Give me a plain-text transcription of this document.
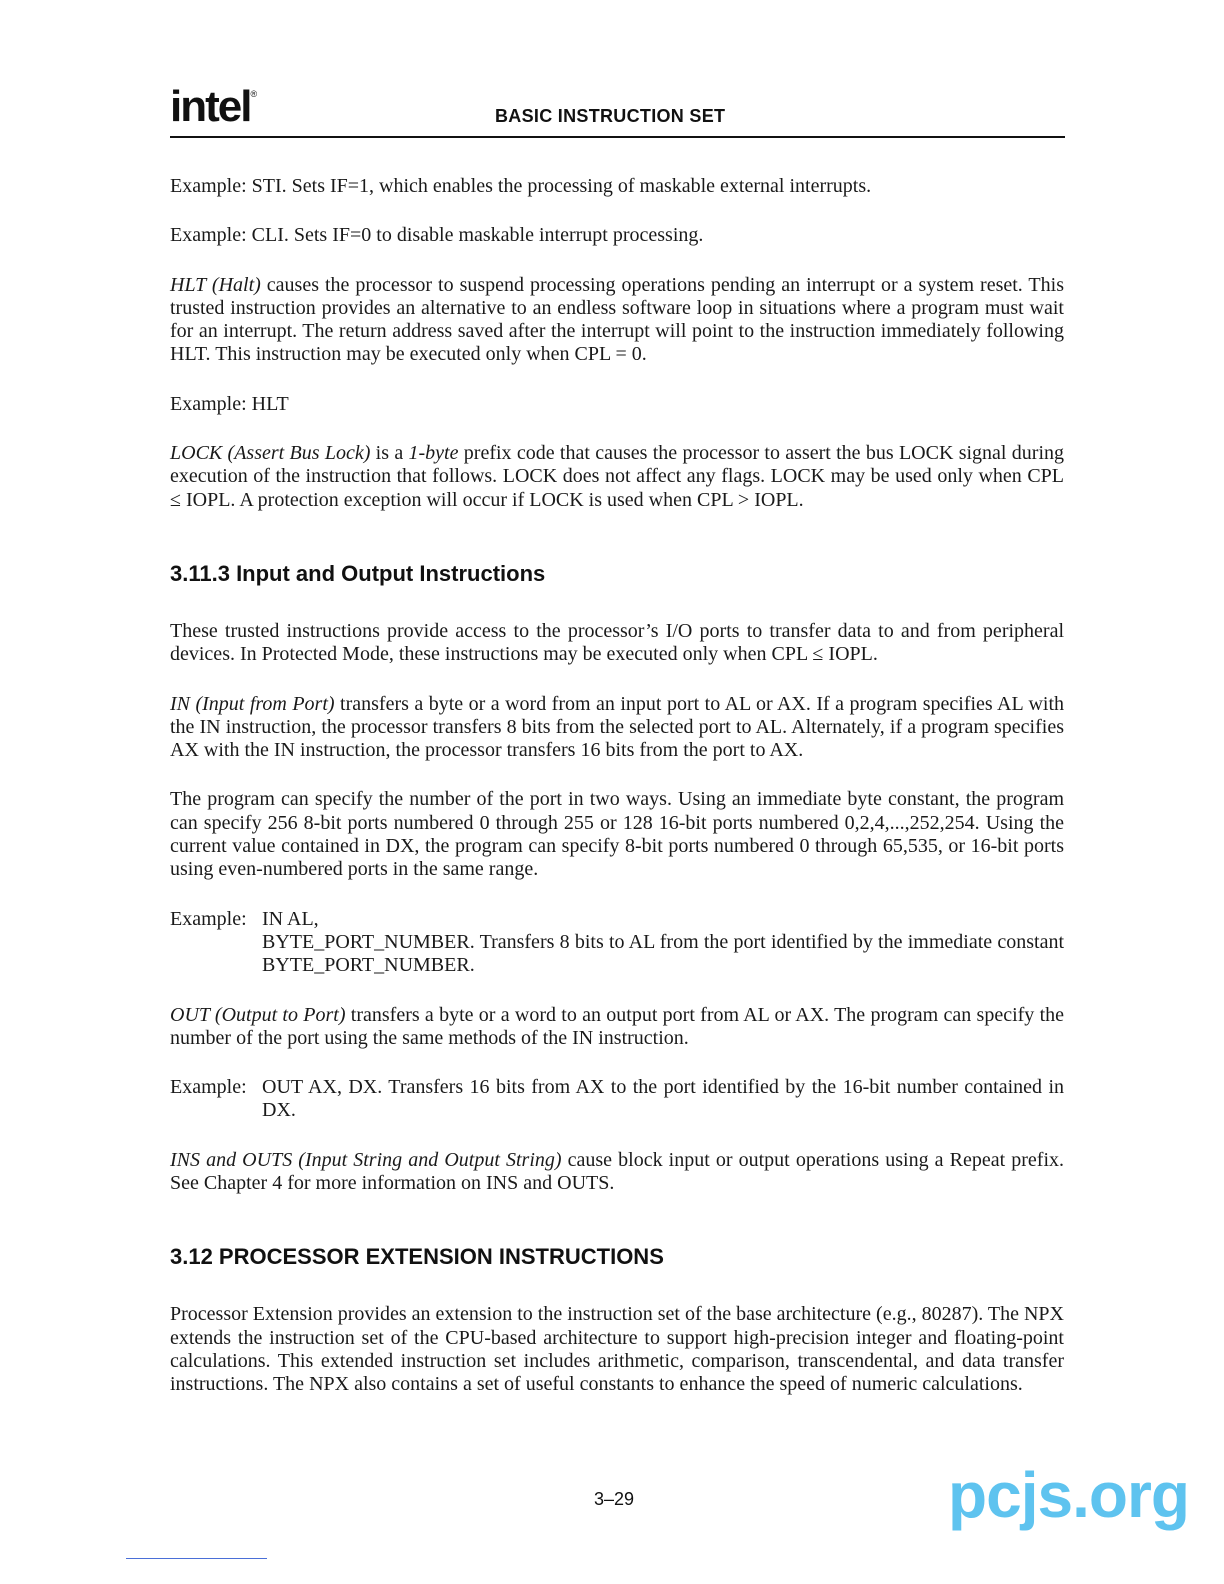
intel®
BASIC INSTRUCTION SET

Example: STI. Sets IF=1, which enables the processing of maskable external interrupts.

Example: CLI. Sets IF=0 to disable maskable interrupt processing.

HLT (Halt) causes the processor to suspend processing operations pending an interrupt or a system reset. This trusted instruction provides an alternative to an endless software loop in situations where a program must wait for an interrupt. The return address saved after the interrupt will point to the instruction immediately following HLT. This instruction may be executed only when CPL = 0.

Example: HLT

LOCK (Assert Bus Lock) is a 1-byte prefix code that causes the processor to assert the bus LOCK signal during execution of the instruction that follows. LOCK does not affect any flags. LOCK may be used only when CPL ≤ IOPL. A protection exception will occur if LOCK is used when CPL > IOPL.

3.11.3 Input and Output Instructions

These trusted instructions provide access to the processor’s I/O ports to transfer data to and from peripheral devices. In Protected Mode, these instructions may be executed only when CPL ≤ IOPL.

IN (Input from Port) transfers a byte or a word from an input port to AL or AX. If a program specifies AL with the IN instruction, the processor transfers 8 bits from the selected port to AL. Alternately, if a program specifies AX with the IN instruction, the processor transfers 16 bits from the port to AX.

The program can specify the number of the port in two ways. Using an immediate byte constant, the program can specify 256 8-bit ports numbered 0 through 255 or 128 16-bit ports numbered 0,2,4,...,252,254. Using the current value contained in DX, the program can specify 8-bit ports numbered 0 through 65,535, or 16-bit ports using even-numbered ports in the same range.

Example: IN AL,
BYTE_PORT_NUMBER. Transfers 8 bits to AL from the port identified by the immediate constant BYTE_PORT_NUMBER.

OUT (Output to Port) transfers a byte or a word to an output port from AL or AX. The program can specify the number of the port using the same methods of the IN instruction.

Example: OUT AX, DX. Transfers 16 bits from AX to the port identified by the 16-bit number contained in DX.

INS and OUTS (Input String and Output String) cause block input or output operations using a Repeat prefix. See Chapter 4 for more information on INS and OUTS.

3.12 PROCESSOR EXTENSION INSTRUCTIONS

Processor Extension provides an extension to the instruction set of the base architecture (e.g., 80287). The NPX extends the instruction set of the CPU-based architecture to support high-precision integer and floating-point calculations. This extended instruction set includes arithmetic, comparison, transcendental, and data transfer instructions. The NPX also contains a set of useful constants to enhance the speed of numeric calculations.

3–29	pcjs.org
